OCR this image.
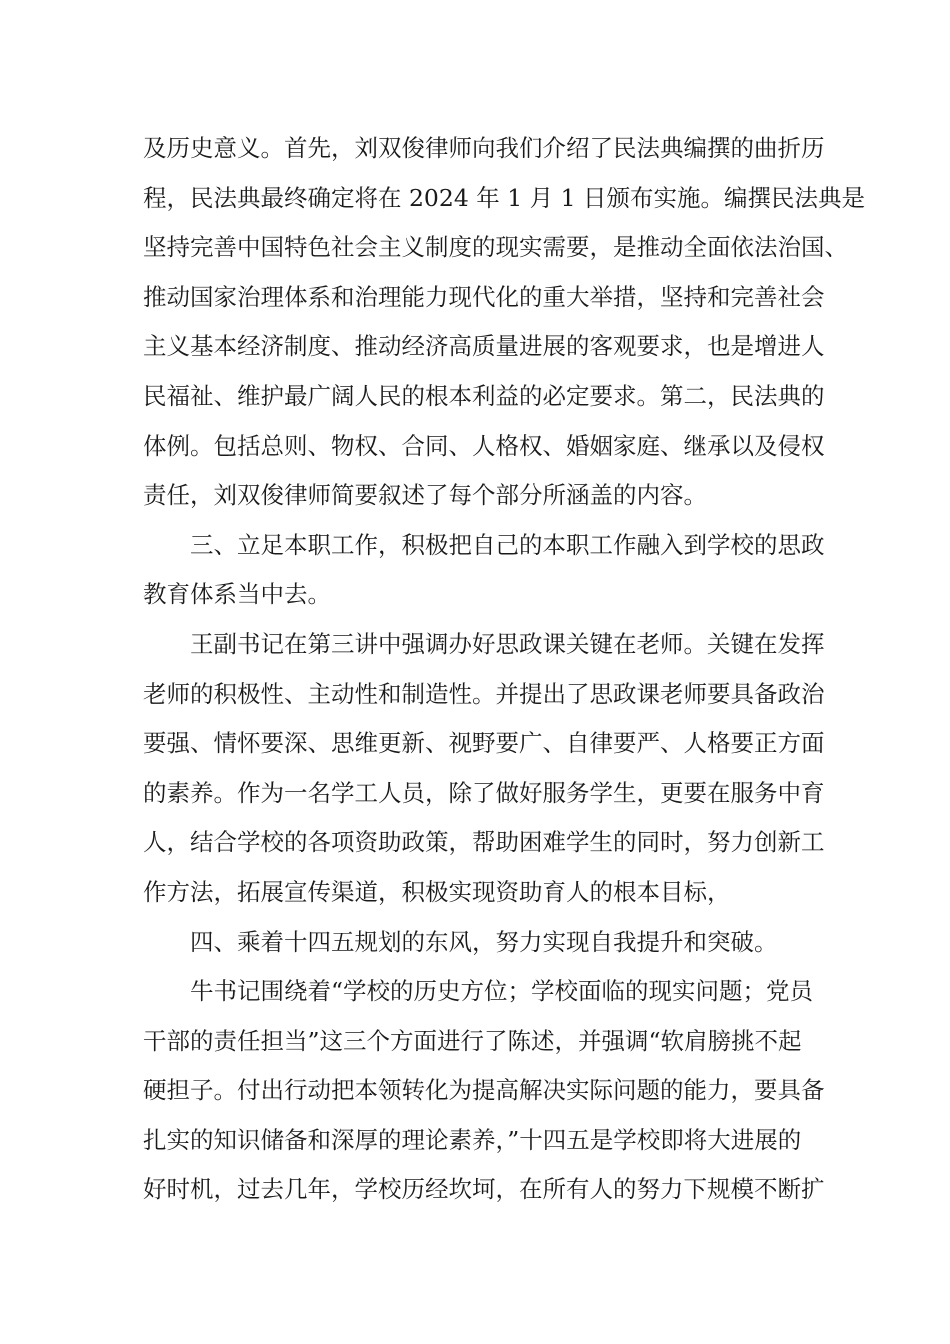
及历史意义。首先，刘双俊律师向我们介绍了民法典编撰的曲折历
程，民法典最终确定将在 2024 年 1 月 1 日颁布实施。编撰民法典是
坚持完善中国特色社会主义制度的现实需要，是推动全面依法治国、
推动国家治理体系和治理能力现代化的重大举措，坚持和完善社会
主义基本经济制度、推动经济高质量进展的客观要求，也是增进人
民福祉、维护最广阔人民的根本利益的必定要求。第二，民法典的
体例。包括总则、物权、合同、人格权、婚姻家庭、继承以及侵权
责任，刘双俊律师简要叙述了每个部分所涵盖的内容。
三、立足本职工作，积极把自己的本职工作融入到学校的思政
教育体系当中去。
王副书记在第三讲中强调办好思政课关键在老师。关键在发挥
老师的积极性、主动性和制造性。并提出了思政课老师要具备政治
要强、情怀要深、思维更新、视野要广、自律要严、人格要正方面
的素养。作为一名学工人员，除了做好服务学生，更要在服务中育
人，结合学校的各项资助政策，帮助困难学生的同时，努力创新工
作方法，拓展宣传渠道，积极实现资助育人的根本目标，
四、乘着十四五规划的东风，努力实现自我提升和突破。
牛书记围绕着“学校的历史方位；学校面临的现实问题；党员
干部的责任担当”这三个方面进行了陈述，并强调“软肩膀挑不起
硬担子。付出行动把本领转化为提高解决实际问题的能力，要具备
扎实的知识储备和深厚的理论素养，”十四五是学校即将大进展的
好时机，过去几年，学校历经坎坷，在所有人的努力下规模不断扩
